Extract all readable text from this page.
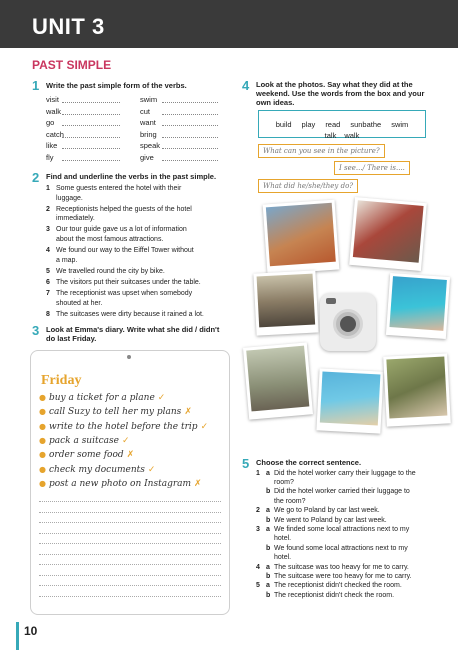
UNIT 3
PAST SIMPLE
1 Write the past simple form of the verbs.
visit
walk
go
catch
like
fly
swim
cut
want
bring
speak
give
2 Find and underline the verbs in the past simple.
1 Some guests entered the hotel with their
luggage.
2 Receptionists helped the guests of the hotel
immediately.
3 Our tour guide gave us a lot of information
about the most famous attractions.
4 We found our way to the Eiffel Tower without
a map.
5 We travelled round the city by bike.
6 The visitors put their suitcases under the table.
7 The receptionist was upset when somebody
shouted at her.
8 The suitcases were dirty because it rained a lot.
3 Look at Emma's diary. Write what she did / didn't
do last Friday.
Friday
● buy a ticket for a plane ✓
● call Suzy to tell her my plans ✗
● write to the hotel before the trip ✓
● pack a suitcase ✓
● order some food ✗
● check my documents ✓
● post a new photo on Instagram ✗
4 Look at the photos. Say what they did at the
weekend. Use the words from the box and your
own ideas.
build play read sunbathe swim
talk walk
What can you see in the picture?
I see.../ There is....
What did he/she/they do?
5 Choose the correct sentence.
1 a Did the hotel worker carry their luggage to the
room?
b Did the hotel worker carried their luggage to
the room?
2 a We go to Poland by car last week.
b We went to Poland by car last week.
3 a We finded some local attractions next to my
hotel.
b We found some local attractions next to my
hotel.
4 a The suitcase was too heavy for me to carry.
b The suitcase were too heavy for me to carry.
5 a The receptionist didn't checked the room.
b The receptionist didn't check the room.
10
